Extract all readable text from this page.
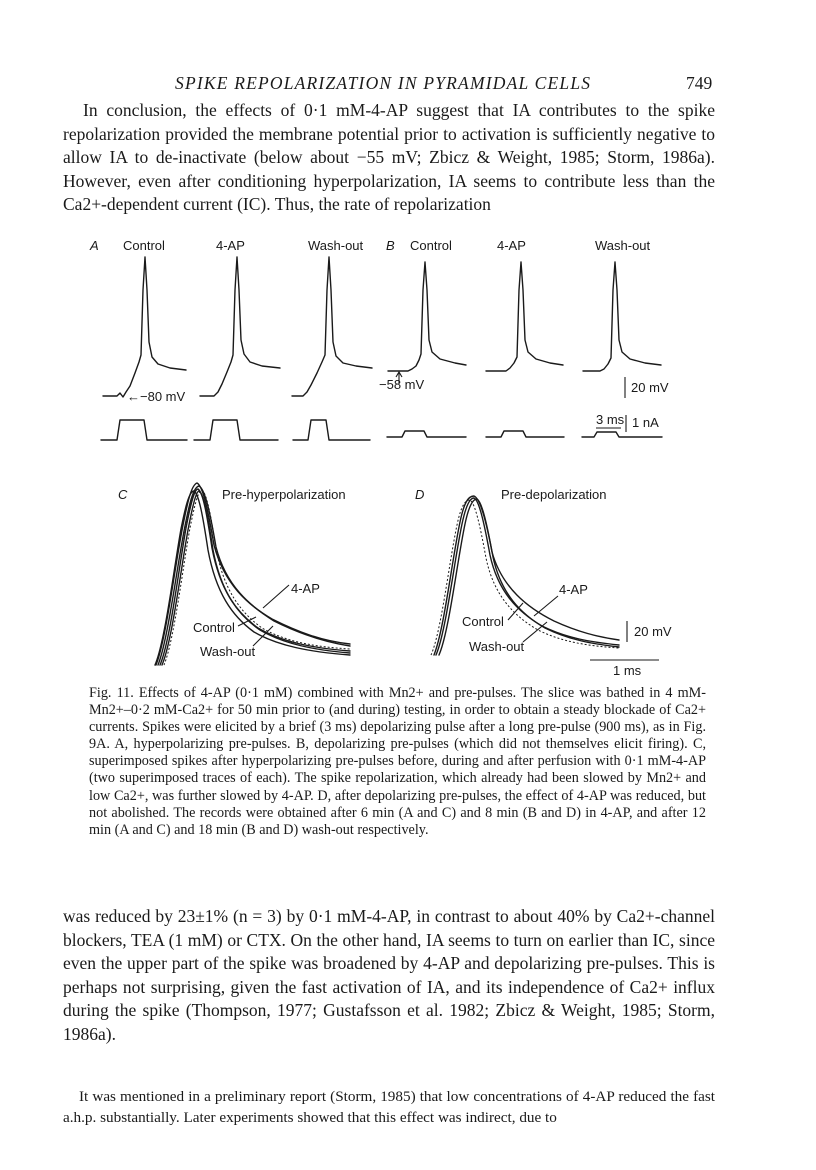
SPIKE REPOLARIZATION IN PYRAMIDAL CELLS	749

In conclusion, the effects of 0·1 mM-4-AP suggest that IA contributes to the spike repolarization provided the membrane potential prior to activation is sufficiently negative to allow IA to de-inactivate (below about −55 mV; Zbicz & Weight, 1985; Storm, 1986a). However, even after conditioning hyperpolarization, IA seems to contribute less than the Ca2+-dependent current (IC). Thus, the rate of repolarization

A Control	4-AP	Wash-out
←−80 mV
B Control	4-AP	Wash-out
−58 mV	20 mV
3 ms 1 nA
C	Pre-hyperpolarization
4-AP
Control
Wash-out
D	Pre-depolarization
4-AP
Control
Wash-out
20 mV
1 ms

Fig. 11. Effects of 4-AP (0·1 mM) combined with Mn2+ and pre-pulses. The slice was bathed in 4 mM-Mn2+–0·2 mM-Ca2+ for 50 min prior to (and during) testing, in order to obtain a steady blockade of Ca2+ currents. Spikes were elicited by a brief (3 ms) depolarizing pulse after a long pre-pulse (900 ms), as in Fig. 9A. A, hyperpolarizing pre-pulses. B, depolarizing pre-pulses (which did not themselves elicit firing). C, superimposed spikes after hyperpolarizing pre-pulses before, during and after perfusion with 0·1 mM-4-AP (two superimposed traces of each). The spike repolarization, which already had been slowed by Mn2+ and low Ca2+, was further slowed by 4-AP. D, after depolarizing pre-pulses, the effect of 4-AP was reduced, but not abolished. The records were obtained after 6 min (A and C) and 8 min (B and D) in 4-AP, and after 12 min (A and C) and 18 min (B and D) wash-out respectively.

was reduced by 23±1% (n = 3) by 0·1 mM-4-AP, in contrast to about 40% by Ca2+-channel blockers, TEA (1 mM) or CTX. On the other hand, IA seems to turn on earlier than IC, since even the upper part of the spike was broadened by 4-AP and depolarizing pre-pulses. This is perhaps not surprising, given the fast activation of IA, and its independence of Ca2+ influx during the spike (Thompson, 1977; Gustafsson et al. 1982; Zbicz & Weight, 1985; Storm, 1986a).

It was mentioned in a preliminary report (Storm, 1985) that low concentrations of 4-AP reduced the fast a.h.p. substantially. Later experiments showed that this effect was indirect, due to
